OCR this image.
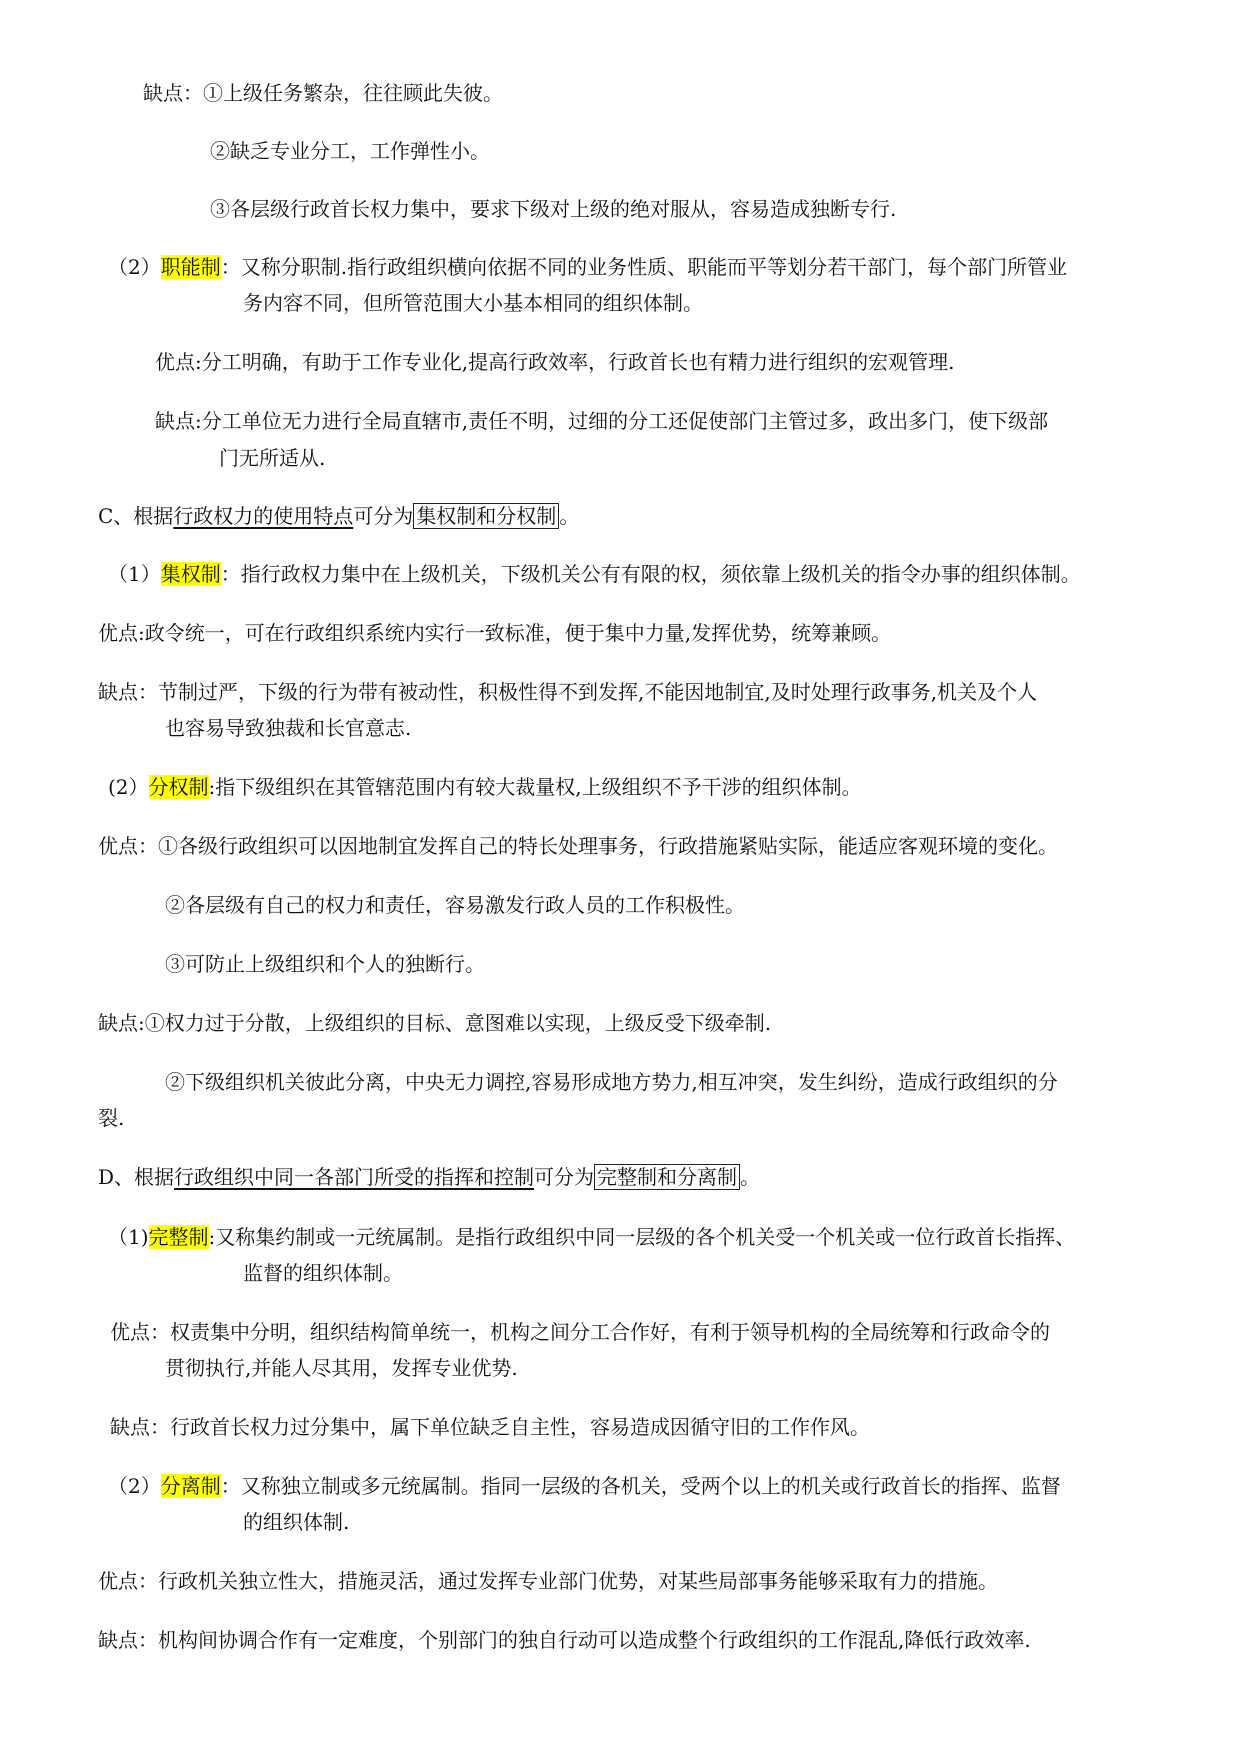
缺点：①上级任务繁杂，往往顾此失彼。
②缺乏专业分工，工作弹性小。
③各层级行政首长权力集中，要求下级对上级的绝对服从，容易造成独断专行.
（2）职能制：又称分职制.指行政组织横向依据不同的业务性质、职能而平等划分若干部门，每个部门所管业
务内容不同，但所管范围大小基本相同的组织体制。
优点:分工明确，有助于工作专业化,提高行政效率，行政首长也有精力进行组织的宏观管理.
缺点:分工单位无力进行全局直辖市,责任不明，过细的分工还促使部门主管过多，政出多门，使下级部
门无所适从.
C、根据行政权力的使用特点可分为 集权制和分权制 。
（1）集权制：指行政权力集中在上级机关，下级机关公有有限的权，须依靠上级机关的指令办事的组织体制。
优点:政令统一，可在行政组织系统内实行一致标准，便于集中力量,发挥优势，统筹兼顾。
缺点：节制过严，下级的行为带有被动性，积极性得不到发挥,不能因地制宜,及时处理行政事务,机关及个人
也容易导致独裁和长官意志.
(2）分权制:指下级组织在其管辖范围内有较大裁量权,上级组织不予干涉的组织体制。
优点：①各级行政组织可以因地制宜发挥自己的特长处理事务，行政措施紧贴实际，能适应客观环境的变化。
②各层级有自己的权力和责任，容易激发行政人员的工作积极性。
③可防止上级组织和个人的独断行。
缺点:①权力过于分散，上级组织的目标、意图难以实现，上级反受下级牵制.
②下级组织机关彼此分离，中央无力调控,容易形成地方势力,相互冲突，发生纠纷，造成行政组织的分
裂.
D、根据行政组织中同一各部门所受的指挥和控制可分为 完整制和分离制 。
（1)完整制:又称集约制或一元统属制。是指行政组织中同一层级的各个机关受一个机关或一位行政首长指挥、
监督的组织体制。
优点：权责集中分明，组织结构简单统一，机构之间分工合作好，有利于领导机构的全局统筹和行政命令的
贯彻执行,并能人尽其用，发挥专业优势.
缺点：行政首长权力过分集中，属下单位缺乏自主性，容易造成因循守旧的工作作风。
（2）分离制：又称独立制或多元统属制。指同一层级的各机关，受两个以上的机关或行政首长的指挥、监督
的组织体制.
优点：行政机关独立性大，措施灵活，通过发挥专业部门优势，对某些局部事务能够采取有力的措施。
缺点：机构间协调合作有一定难度，个别部门的独自行动可以造成整个行政组织的工作混乱,降低行政效率.
